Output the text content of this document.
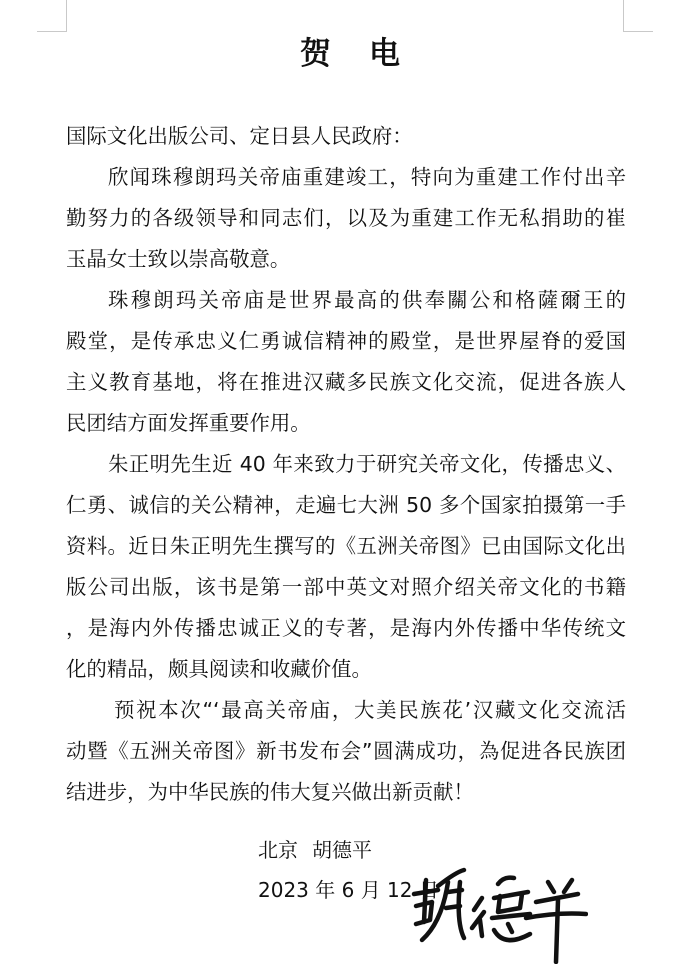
贺 电
国际文化出版公司、定日县人民政府：
欣闻珠穆朗玛关帝庙重建竣工，特向为重建工作付出辛
勤努力的各级领导和同志们，以及为重建工作无私捐助的崔
玉晶女士致以崇高敬意。
珠穆朗玛关帝庙是世界最高的供奉關公和格薩爾王的
殿堂，是传承忠义仁勇诚信精神的殿堂，是世界屋脊的爱国
主义教育基地，将在推进汉藏多民族文化交流，促进各族人
民团结方面发挥重要作用。
朱正明先生近 40 年来致力于研究关帝文化，传播忠义、
仁勇、诚信的关公精神，走遍七大洲 50 多个国家拍摄第一手
资料。近日朱正明先生撰写的《五洲关帝图》已由国际文化出
版公司出版，该书是第一部中英文对照介绍关帝文化的书籍
，是海内外传播忠诚正义的专著，是海内外传播中华传统文
化的精品，颇具阅读和收藏价值。
预祝本次“‘最高关帝庙，大美民族花’汉藏文化交流活
动暨《五洲关帝图》新书发布会”圆满成功，為促进各民族团
结进步，为中华民族的伟大复兴做出新贡献！
北京 胡德平
2023 年 6 月 12 日
